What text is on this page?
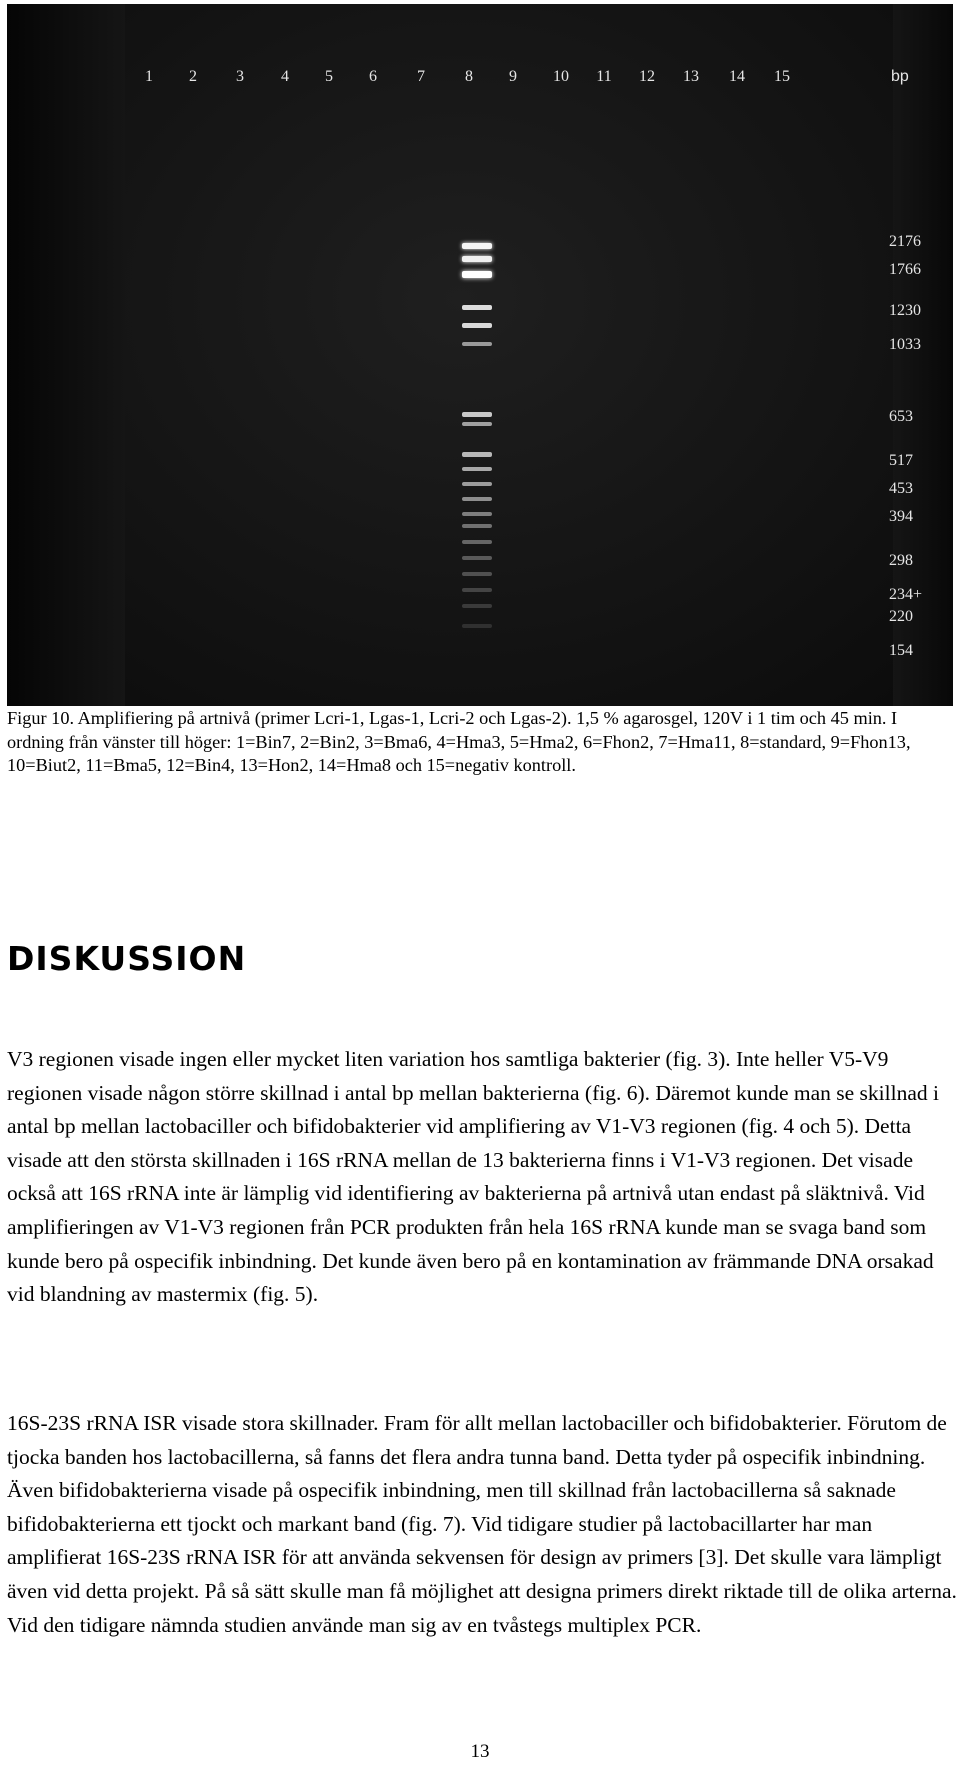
1 2 3 4 5 6	7	8 9 10 11 12 13 14 15	bp
2176
1766
1230
1033
653
517
453
394
298
234+
220
154
Figur 10. Amplifiering på artnivå (primer Lcri-1, Lgas-1, Lcri-2 och Lgas-2). 1,5 % agarosgel, 120V i 1 tim och 45 min. I ordning från vänster till höger: 1=Bin7, 2=Bin2, 3=Bma6, 4=Hma3, 5=Hma2, 6=Fhon2, 7=Hma11, 8=standard, 9=Fhon13, 10=Biut2, 11=Bma5, 12=Bin4, 13=Hon2, 14=Hma8 och 15=negativ kontroll.
DISKUSSION

V3 regionen visade ingen eller mycket liten variation hos samtliga bakterier (fig. 3). Inte heller V5-V9 regionen visade någon större skillnad i antal bp mellan bakterierna (fig. 6). Däremot kunde man se skillnad i antal bp mellan lactobaciller och bifidobakterier vid amplifiering av V1-V3 regionen (fig. 4 och 5). Detta visade att den största skillnaden i 16S rRNA mellan de 13 bakterierna finns i V1-V3 regionen. Det visade också att 16S rRNA inte är lämplig vid identifiering av bakterierna på artnivå utan endast på släktnivå. Vid amplifieringen av V1-V3 regionen från PCR produkten från hela 16S rRNA kunde man se svaga band som kunde bero på ospecifik inbindning. Det kunde även bero på en kontamination av främmande DNA orsakad vid blandning av mastermix (fig. 5).

16S-23S rRNA ISR visade stora skillnader. Fram för allt mellan lactobaciller och bifidobakterier. Förutom de tjocka banden hos lactobacillerna, så fanns det flera andra tunna band. Detta tyder på ospecifik inbindning. Även bifidobakterierna visade på ospecifik inbindning, men till skillnad från lactobacillerna så saknade bifidobakterierna ett tjockt och markant band (fig. 7). Vid tidigare studier på lactobacillarter har man amplifierat 16S-23S rRNA ISR för att använda sekvensen för design av primers [3]. Det skulle vara lämpligt även vid detta projekt. På så sätt skulle man få möjlighet att designa primers direkt riktade till de olika arterna. Vid den tidigare nämnda studien använde man sig av en tvåstegs multiplex PCR.

13
